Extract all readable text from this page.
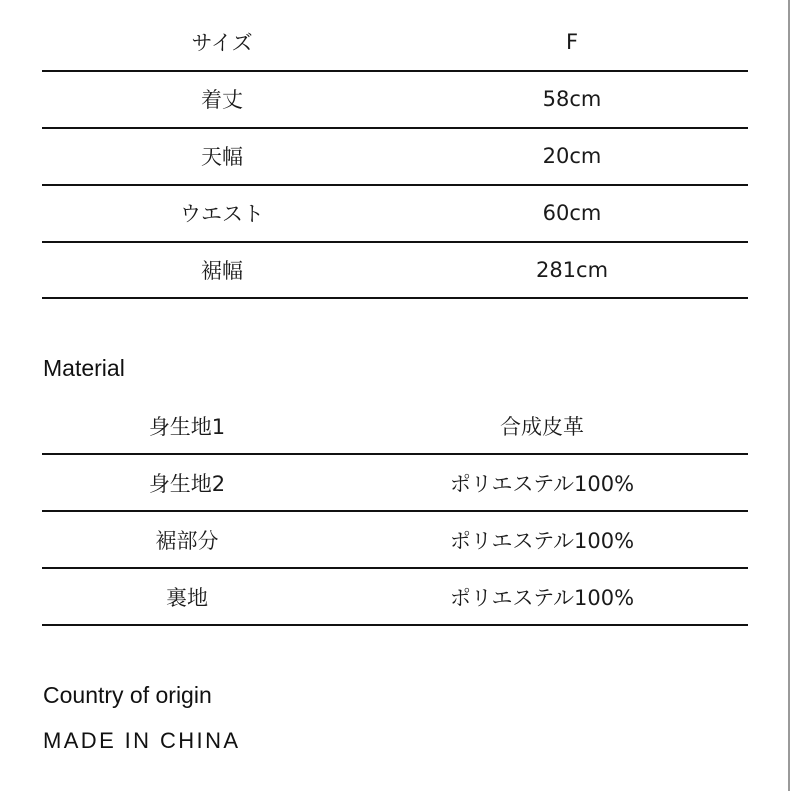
サイズ	F
着丈	58cm
天幅	20cm
ウエスト	60cm
裾幅	281cm
Material
身生地1	合成皮革
身生地2	ポリエステル100%
裾部分	ポリエステル100%
裏地	ポリエステル100%
Country of origin
MADE IN CHINA
